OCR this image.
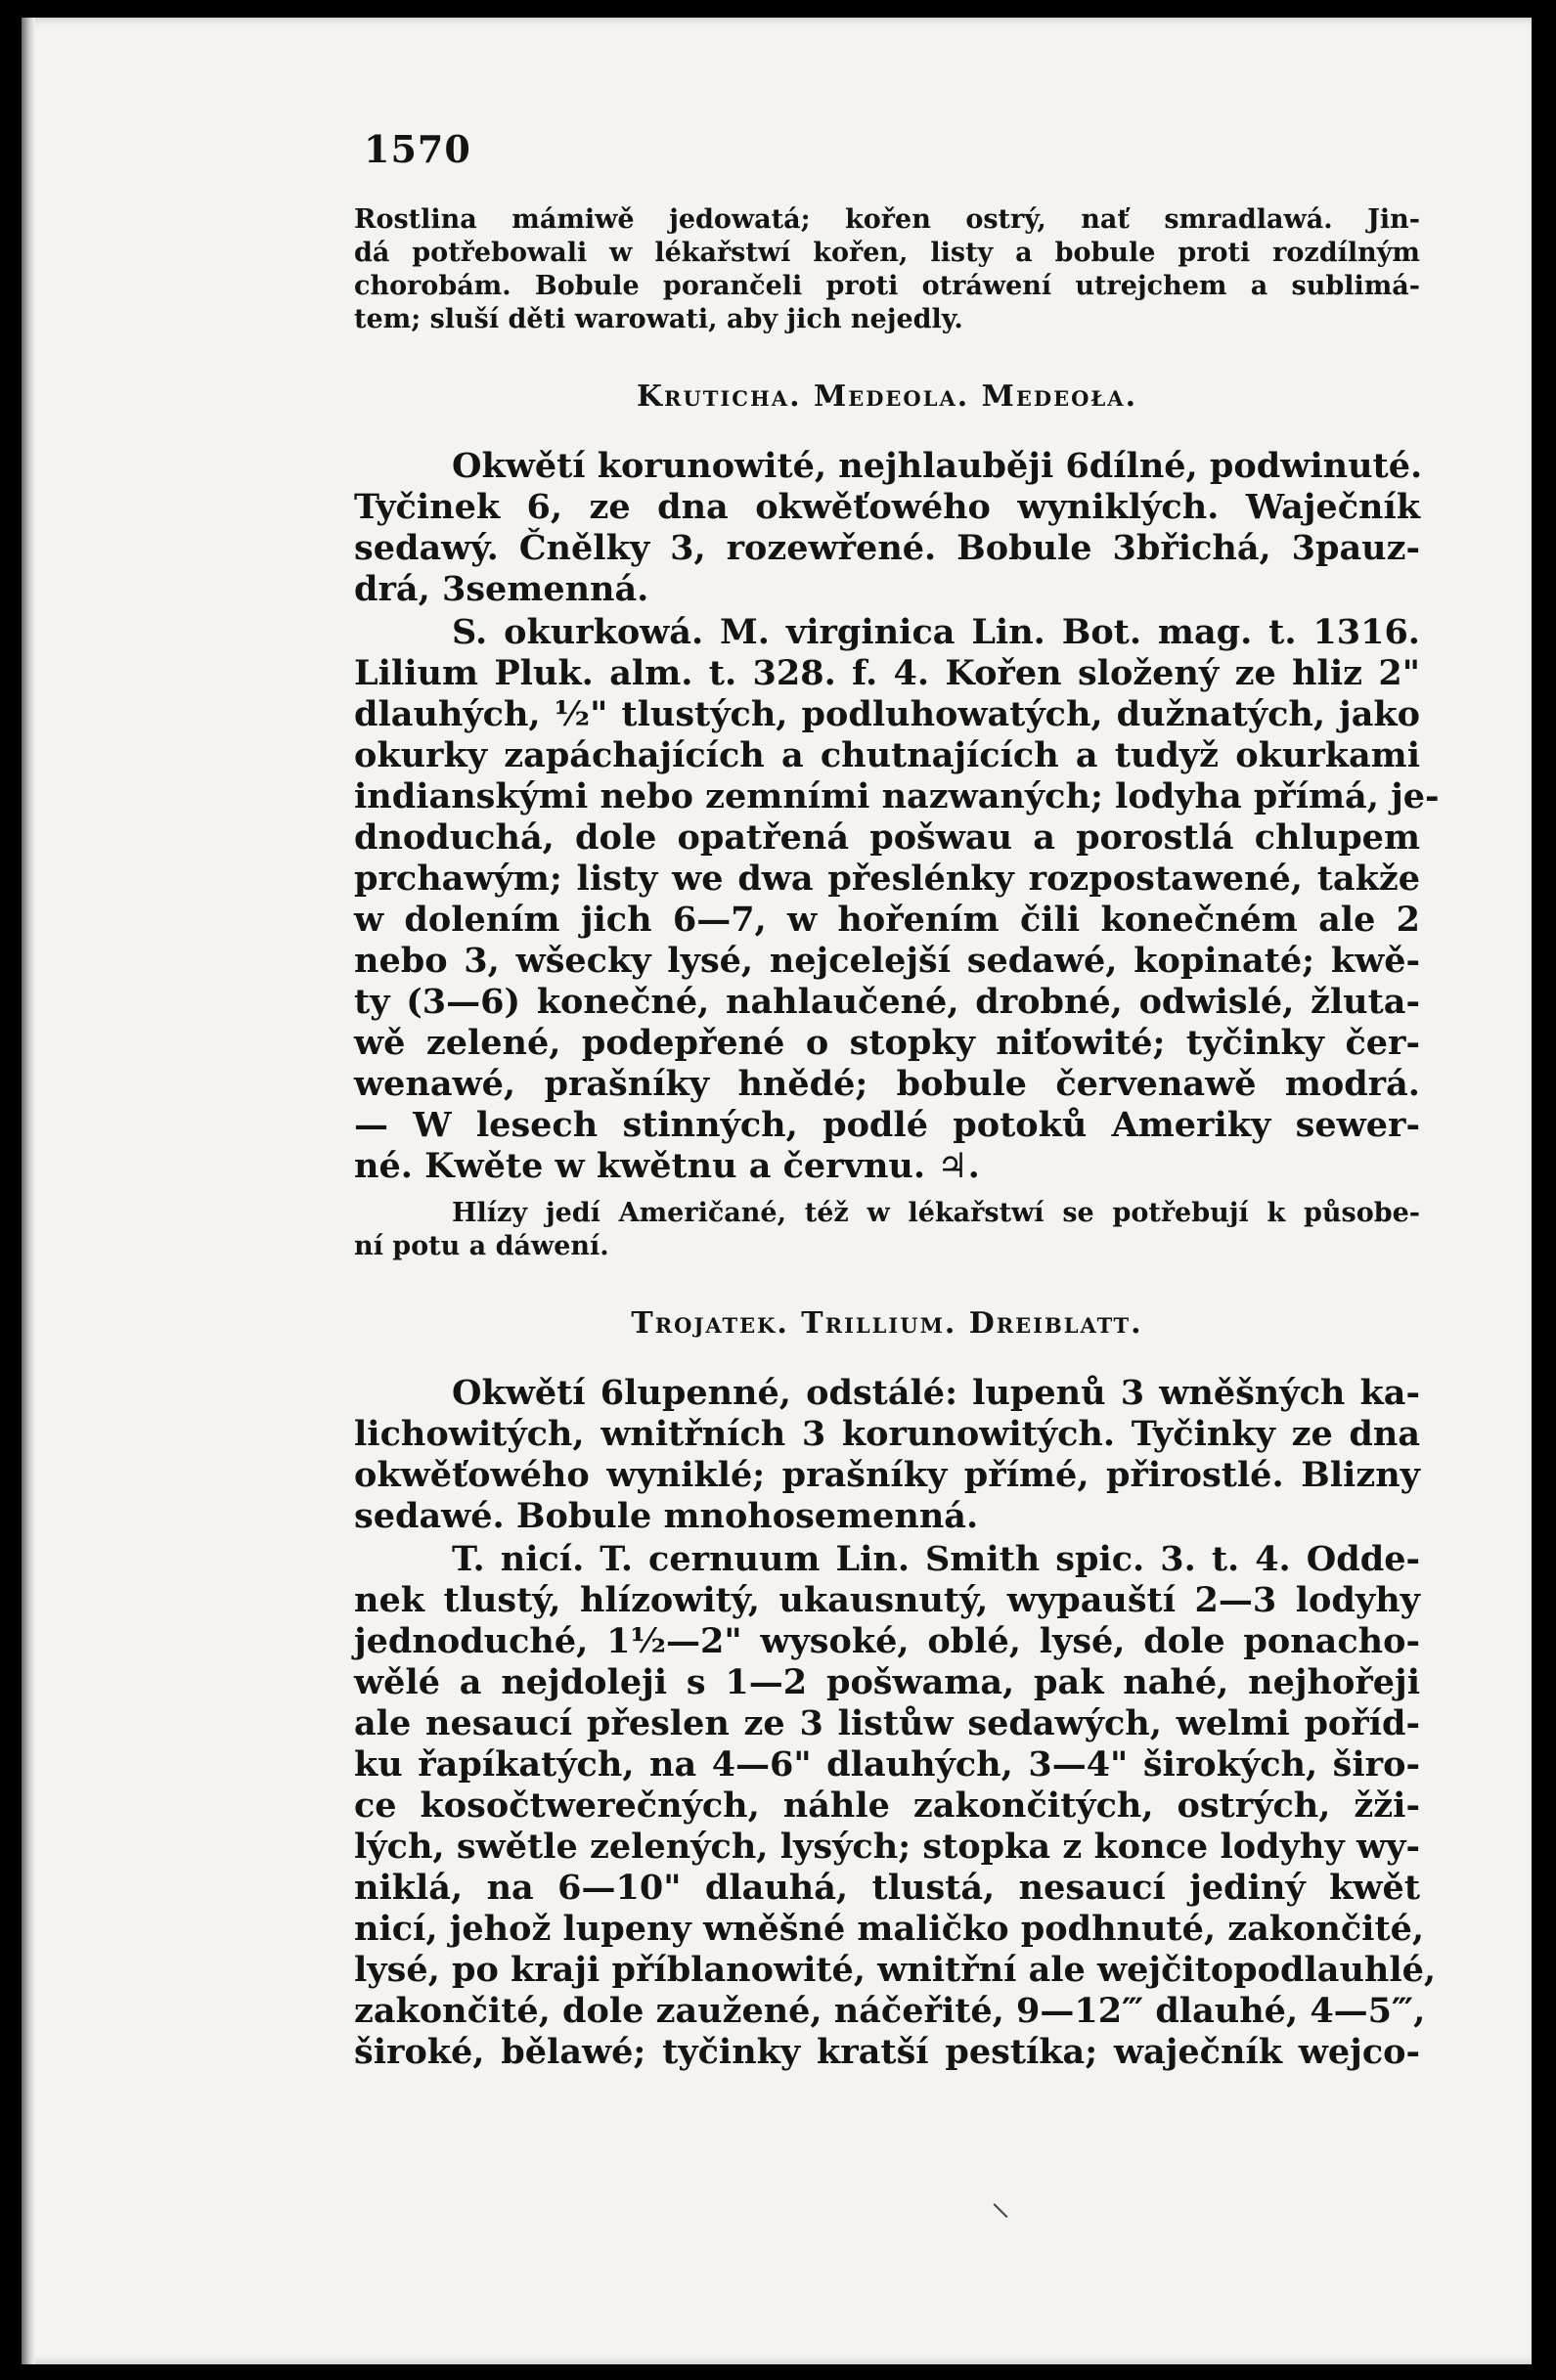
1570
Rostlina mámiwě jedowatá; kořen ostrý, nať smradlawá. Jin-
dá potřebowali w lékařstwí kořen, listy a bobule proti rozdílným
chorobám. Bobule porančeli proti otráwení utrejchem a sublimá-
tem; sluší děti warowati, aby jich nejedly.
Kruticha. Medeola. Medeoła.
Okwětí korunowité, nejhlauběji 6dílné, podwinuté.
Tyčinek 6, ze dna okwěťowého wyniklých. Waječník
sedawý. Čnělky 3, rozewřené. Bobule 3břichá, 3pauz-
drá, 3semenná.
S. okurkowá. M. virginica Lin. Bot. mag. t. 1316.
Lilium Pluk. alm. t. 328. f. 4. Kořen složený ze hliz 2"
dlauhých, ½" tlustých, podluhowatých, dužnatých, jako
okurky zapáchajících a chutnajících a tudyž okurkami
indianskými nebo zemními nazwaných; lodyha přímá, je-
dnoduchá, dole opatřená pošwau a porostlá chlupem
prchawým; listy we dwa přeslénky rozpostawené, takže
w dolením jich 6—7, w hořením čili konečném ale 2
nebo 3, wšecky lysé, nejcelejší sedawé, kopinaté; kwě-
ty (3—6) konečné, nahlaučené, drobné, odwislé, žluta-
wě zelené, podepřené o stopky niťowité; tyčinky čer-
wenawé, prašníky hnědé; bobule červenawě modrá.
— W lesech stinných, podlé potoků Ameriky sewer-
né. Kwěte w kwětnu a červnu. ♃.
Hlízy jedí Američané, též w lékařstwí se potřebují k působe-
ní potu a dáwení.
Trojatek. Trillium. Dreiblatt.
Okwětí 6lupenné, odstálé: lupenů 3 wněšných ka-
lichowitých, wnitřních 3 korunowitých. Tyčinky ze dna
okwěťowého wyniklé; prašníky přímé, přirostlé. Blizny
sedawé. Bobule mnohosemenná.
T. nicí. T. cernuum Lin. Smith spic. 3. t. 4. Odde-
nek tlustý, hlízowitý, ukausnutý, wypauští 2—3 lodyhy
jednoduché, 1½—2" wysoké, oblé, lysé, dole ponacho-
wělé a nejdoleji s 1—2 pošwama, pak nahé, nejhořeji
ale nesaucí přeslen ze 3 listůw sedawých, welmi poříd-
ku řapíkatých, na 4—6" dlauhých, 3—4" širokých, širo-
ce kosočtwerečných, náhle zakončitých, ostrých, žži-
lých, swětle zelených, lysých; stopka z konce lodyhy wy-
niklá, na 6—10" dlauhá, tlustá, nesaucí jediný kwět
nicí, jehož lupeny wněšné maličko podhnuté, zakončité,
lysé, po kraji příblanowité, wnitřní ale wejčitopodlauhlé,
zakončité, dole zaužené, náčeřité, 9—12‴ dlauhé, 4—5‴,
široké, bělawé; tyčinky kratší pestíka; waječník wejco-
⸜
